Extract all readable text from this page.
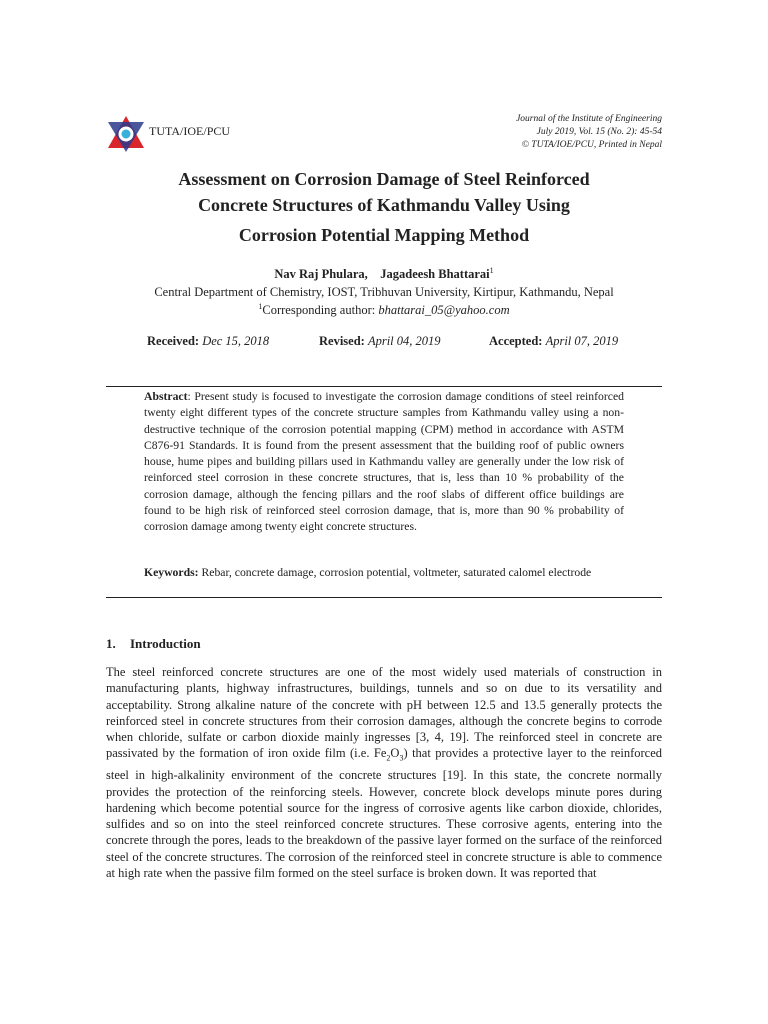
TUTA/IOE/PCU
Journal of the Institute of Engineering
July 2019, Vol. 15 (No. 2): 45-54
© TUTA/IOE/PCU, Printed in Nepal
Assessment on Corrosion Damage of Steel Reinforced
Concrete Structures of Kathmandu Valley Using
Corrosion Potential Mapping Method
Nav Raj Phulara, Jagadeesh Bhattarai$^1$
Central Department of Chemistry, IOST, Tribhuvan University, Kirtipur, Kathmandu, Nepal
$^1$Corresponding author: bhattarai_05@yahoo.com
Received: Dec 15, 2018	Revised: April 04, 2019	Accepted: April 07, 2019
Abstract: Present study is focused to investigate the corrosion damage conditions of steel reinforced twenty eight different types of the concrete structure samples from Kathmandu valley using a non-destructive technique of the corrosion potential mapping (CPM) method in accordance with ASTM C876-91 Standards. It is found from the present assessment that the building roof of public owners house, hume pipes and building pillars used in Kathmandu valley are generally under the low risk of reinforced steel corrosion in these concrete structures, that is, less than 10 % probability of the corrosion damage, although the fencing pillars and the roof slabs of different office buildings are found to be high risk of reinforced steel corrosion damage, that is, more than 90 % probability of corrosion damage among twenty eight concrete structures.
Keywords: Rebar, concrete damage, corrosion potential, voltmeter, saturated calomel electrode
1. Introduction
The steel reinforced concrete structures are one of the most widely used materials of construction in manufacturing plants, highway infrastructures, buildings, tunnels and so on due to its versatility and acceptability. Strong alkaline nature of the concrete with pH between 12.5 and 13.5 generally protects the reinforced steel in concrete structures from their corrosion damages, although the concrete begins to corrode when chloride, sulfate or carbon dioxide mainly ingresses [3, 4, 19]. The reinforced steel in concrete are passivated by the formation of iron oxide film (i.e. $Fe_2O_3$) that provides a protective layer to the reinforced steel in high-alkalinity environment of the concrete structures [19]. In this state, the concrete normally provides the protection of the reinforcing steels. However, concrete block develops minute pores during hardening which become potential source for the ingress of corrosive agents like carbon dioxide, chlorides, sulfides and so on into the steel reinforced concrete structures. These corrosive agents, entering into the concrete through the pores, leads to the breakdown of the passive layer formed on the surface of the reinforced steel of the concrete structures. The corrosion of the reinforced steel in concrete structure is able to commence at high rate when the passive film formed on the steel surface is broken down. It was reported that
